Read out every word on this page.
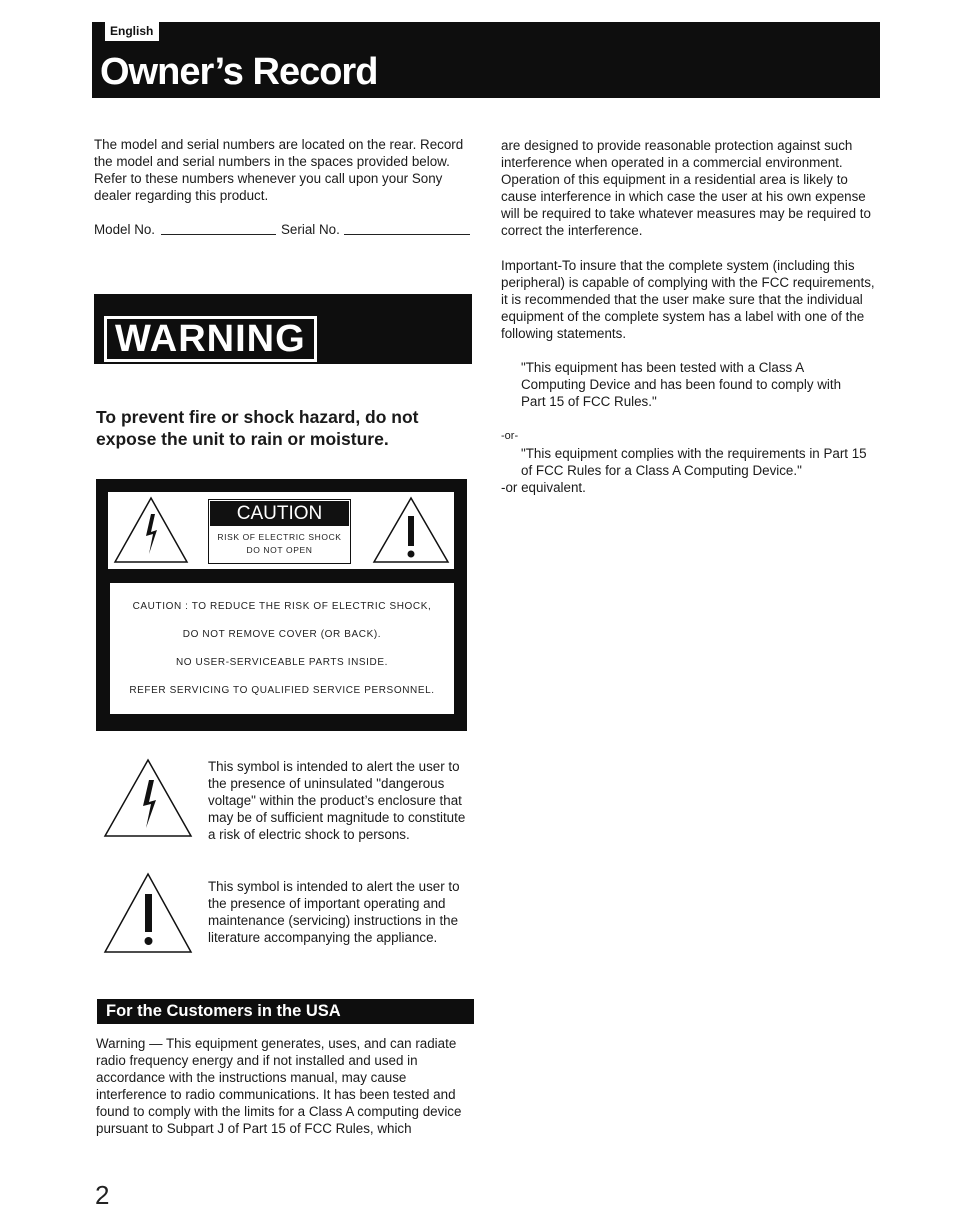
English
Owner’s Record

The model and serial numbers are located on the rear. Record the model and serial numbers in the spaces provided below. Refer to these numbers whenever you call upon your Sony dealer regarding this product.

Model No.	Serial No.
WARNING
To prevent fire or shock hazard, do not expose the unit to rain or moisture.
CAUTION
RISK OF ELECTRIC SHOCK
DO NOT OPEN
CAUTION : TO REDUCE THE RISK OF ELECTRIC SHOCK,
DO NOT REMOVE COVER (OR BACK).
NO USER-SERVICEABLE PARTS INSIDE.
REFER SERVICING TO QUALIFIED SERVICE PERSONNEL.
This symbol is intended to alert the user to the presence of uninsulated "dangerous voltage" within the product’s enclosure that may be of sufficient magnitude to constitute a risk of electric shock to persons.
This symbol is intended to alert the user to the presence of important operating and maintenance (servicing) instructions in the literature accompanying the appliance.
For the Customers in the USA

Warning — This equipment generates, uses, and can radiate radio frequency energy and if not installed and used in accordance with the instructions manual, may cause interference to radio communications. It has been tested and found to comply with the limits for a Class A computing device pursuant to Subpart J of Part 15 of FCC Rules, which

are designed to provide reasonable protection against such interference when operated in a commercial environment. Operation of this equipment in a residential area is likely to cause interference in which case the user at his own expense will be required to take whatever measures may be required to correct the interference.

Important-To insure that the complete system (including this peripheral) is capable of complying with the FCC requirements, it is recommended that the user make sure that the individual equipment of the complete system has a label with one of the following statements.

"This equipment has been tested with a Class A Computing Device and has been found to comply with Part 15 of FCC Rules."

-or-

"This equipment complies with the requirements in Part 15 of FCC Rules for a Class A Computing Device."

-or equivalent.
2
